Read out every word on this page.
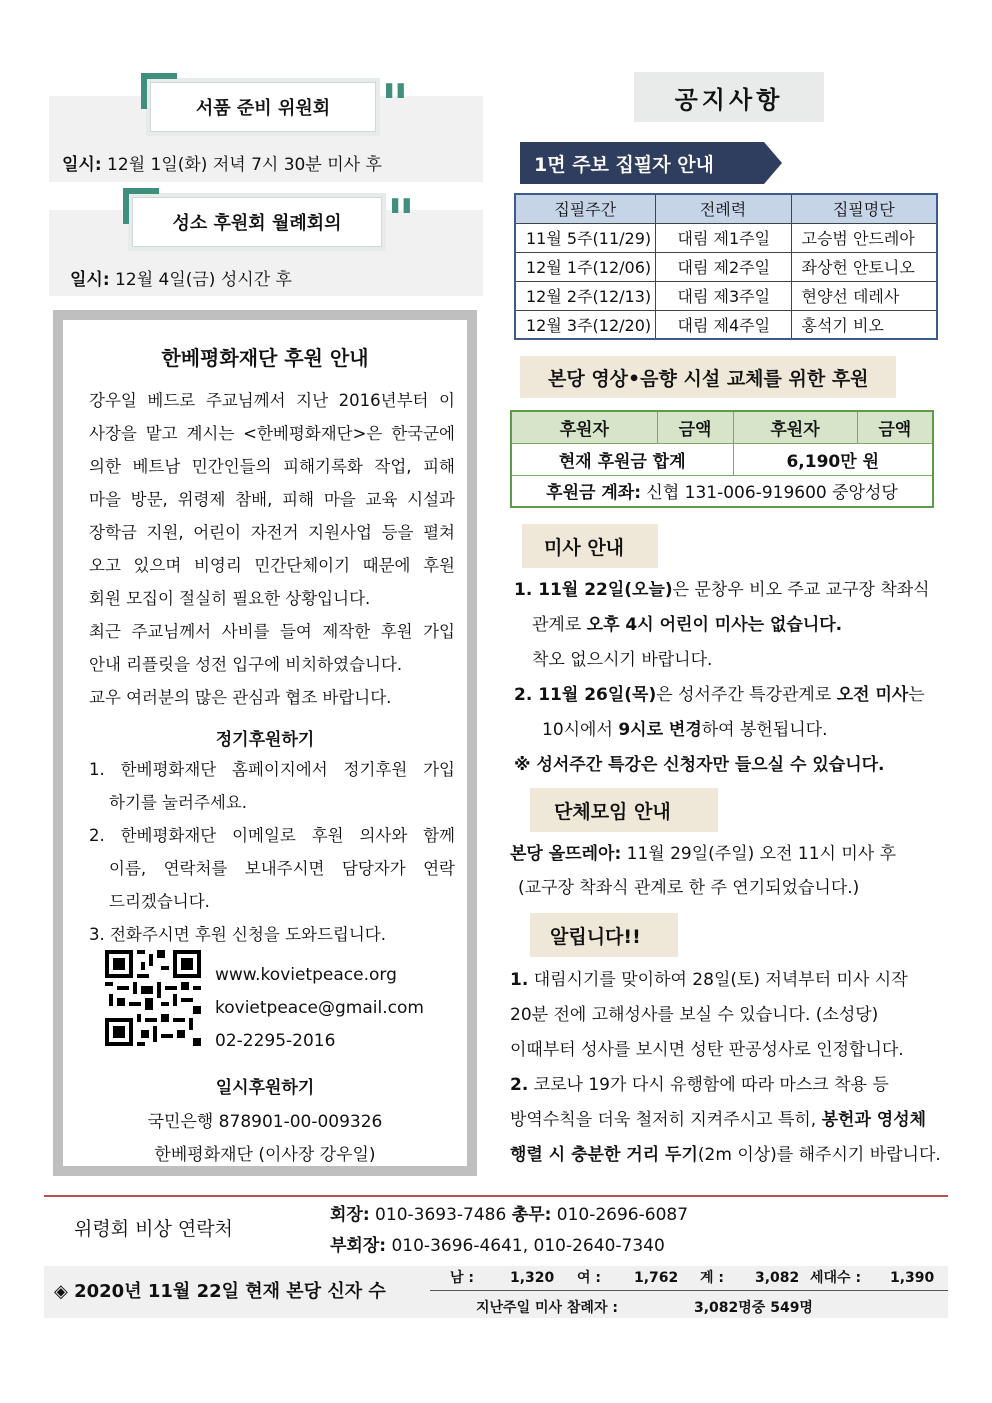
서품 준비 위원회 "
일시: 12월 1일(화) 저녁 7시 30분 미사 후
성소 후원회 월례회의 "
일시: 12월 4일(금) 성시간 후
한베평화재단 후원 안내
강우일 베드로 주교님께서 지난 2016년부터 이
사장을 맡고 계시는 <한베평화재단>은 한국군에
의한 베트남 민간인들의 피해기록화 작업, 피해
마을 방문, 위령제 참배, 피해 마을 교육 시설과
장학금 지원, 어린이 자전거 지원사업 등을 펼쳐
오고 있으며 비영리 민간단체이기 때문에 후원
회원 모집이 절실히 필요한 상황입니다.
최근 주교님께서 사비를 들여 제작한 후원 가입
안내 리플릿을 성전 입구에 비치하였습니다.
교우 여러분의 많은 관심과 협조 바랍니다.
정기후원하기
1. 한베평화재단 홈페이지에서 정기후원 가입
하기를 눌러주세요.
2. 한베평화재단 이메일로 후원 의사와 함께
이름, 연락처를 보내주시면 담당자가 연락
드리겠습니다.
3. 전화주시면 후원 신청을 도와드립니다.
www.kovietpeace.org
kovietpeace@gmail.com
02-2295-2016
일시후원하기
국민은행 878901-00-009326
한베평화재단 (이사장 강우일)
공지사항
1면 주보 집필자 안내
집필주간	전례력	집필명단
11월 5주(11/29)	대림 제1주일	고승범 안드레아
12월 1주(12/06)	대림 제2주일	좌상헌 안토니오
12월 2주(12/13)	대림 제3주일	현양선 데레사
12월 3주(12/20)	대림 제4주일	홍석기 비오
본당 영상•음향 시설 교체를 위한 후원
후원자	금액	후원자	금액
현재 후원금 합계		6,190만 원	
후원금 계좌: 신협 131-006-919600 중앙성당			
미사 안내
1. 11월 22일(오늘)은 문창우 비오 주교 교구장 착좌식
관계로 오후 4시 어린이 미사는 없습니다.
착오 없으시기 바랍니다.
2. 11월 26일(목)은 성서주간 특강관계로 오전 미사는
10시에서 9시로 변경하여 봉헌됩니다.
※ 성서주간 특강은 신청자만 들으실 수 있습니다.
단체모임 안내
본당 올뜨레아: 11월 29일(주일) 오전 11시 미사 후
(교구장 착좌식 관계로 한 주 연기되었습니다.)
알립니다!!
1. 대림시기를 맞이하여 28일(토) 저녁부터 미사 시작
20분 전에 고해성사를 보실 수 있습니다. (소성당)
이때부터 성사를 보시면 성탄 판공성사로 인정합니다.
2. 코로나 19가 다시 유행함에 따라 마스크 착용 등
방역수칙을 더욱 철저히 지켜주시고 특히, 봉헌과 영성체
행렬 시 충분한 거리 두기(2m 이상)를 해주시기 바랍니다.
위령회 비상 연락처
회장: 010-3693-7486 총무: 010-2696-6087
부회장: 010-3696-4641, 010-2640-7340
◈ 2020년 11월 22일 현재 본당 신자 수
남 :	1,320 여 : 1,762 계 : 3,082 세대수 : 1,390
지난주일 미사 참례자 :	3,082명중 549명
